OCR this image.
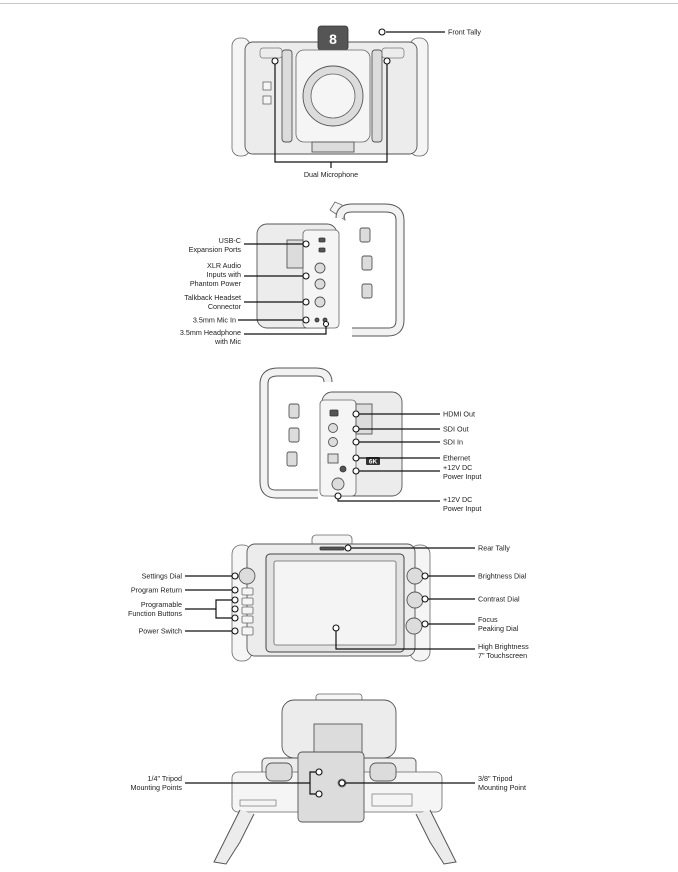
8	Front Tally
Dual Microphone
USB-C
Expansion Ports
XLR Audio
Inputs with
Phantom Power
Talkback Headset
Connector
3.5mm Mic In
3.5mm Headphone
with Mic
6K
HDMI Out
SDI Out
SDI In
Ethernet
+12V DC
Power Input
+12V DC
Power Input
Rear Tally
Brightness Dial
Contrast Dial
Focus
Peaking Dial
High Brightness
7" Touchscreen
Settings Dial
Program Return
Programable
Function Buttons
Power Switch
1/4" Tripod
Mounting Points
3/8" Tripod
Mounting Point
